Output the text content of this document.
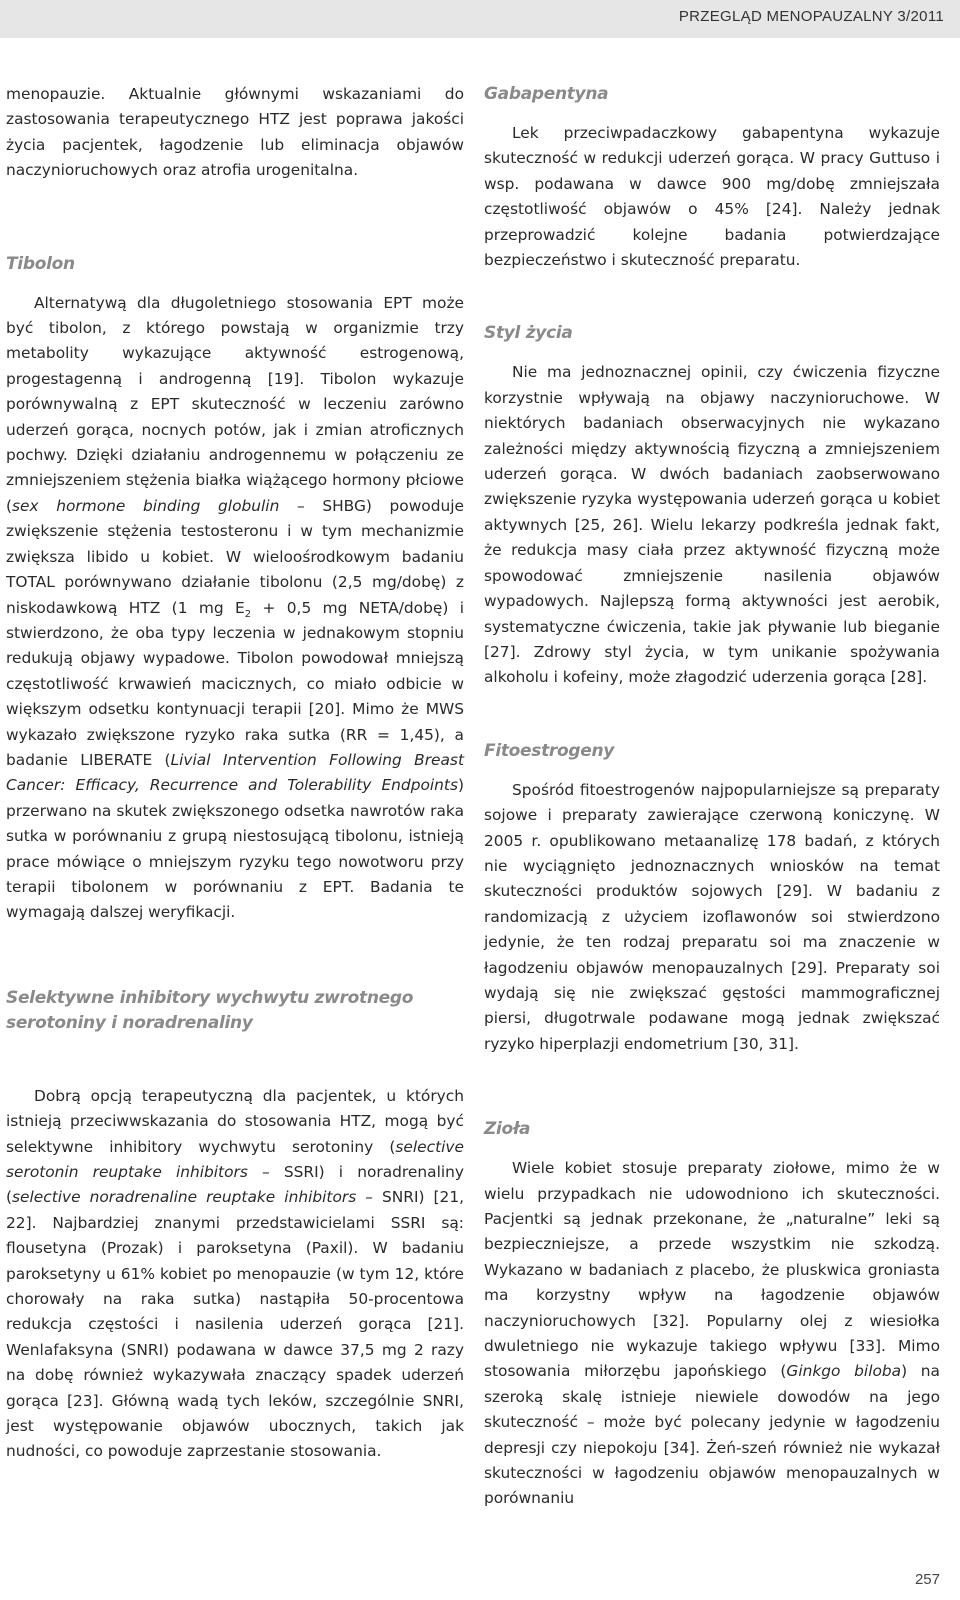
PRZEGLĄD MENOPAUZALNY 3/2011

menopauzie. Aktualnie głównymi wskazaniami do zastosowania terapeutycznego HTZ jest poprawa jakości życia pacjentek, łagodzenie lub eliminacja objawów naczynioruchowych oraz atrofia urogenitalna.

Tibolon

Alternatywą dla długoletniego stosowania EPT może być tibolon, z którego powstają w organizmie trzy metabolity wykazujące aktywność estrogenową, progestagenną i androgenną [19]. Tibolon wykazuje porównywalną z EPT skuteczność w leczeniu zarówno uderzeń gorąca, nocnych potów, jak i zmian atroficznych pochwy. Dzięki działaniu androgennemu w połączeniu ze zmniejszeniem stężenia białka wiążącego hormony płciowe (sex hormone binding globulin – SHBG) powoduje zwiększenie stężenia testosteronu i w tym mechanizmie zwiększa libido u kobiet. W wieloośrodkowym badaniu TOTAL porównywano działanie tibolonu (2,5 mg/dobę) z niskodawkową HTZ (1 mg $E_2 + 0,5$ mg NETA/dobę) i stwierdzono, że oba typy leczenia w jednakowym stopniu redukują objawy wypadowe. Tibolon powodował mniejszą częstotliwość krwawień macicznych, co miało odbicie w większym odsetku kontynuacji terapii [20]. Mimo że MWS wykazało zwiększone ryzyko raka sutka (RR = 1,45), a badanie LIBERATE (Livial Intervention Following Breast Cancer: Efficacy, Recurrence and Tolerability Endpoints) przerwano na skutek zwiększonego odsetka nawrotów raka sutka w porównaniu z grupą niestosującą tibolonu, istnieją prace mówiące o mniejszym ryzyku tego nowotworu przy terapii tibolonem w porównaniu z EPT. Badania te wymagają dalszej weryfikacji.

Selektywne inhibitory wychwytu zwrotnego serotoniny i noradrenaliny

Dobrą opcją terapeutyczną dla pacjentek, u których istnieją przeciwwskazania do stosowania HTZ, mogą być selektywne inhibitory wychwytu serotoniny (selective serotonin reuptake inhibitors – SSRI) i noradrenaliny (selective noradrenaline reuptake inhibitors – SNRI) [21, 22]. Najbardziej znanymi przedstawicielami SSRI są: flousetyna (Prozak) i paroksetyna (Paxil). W badaniu paroksetyny u 61% kobiet po menopauzie (w tym 12, które chorowały na raka sutka) nastąpiła 50-procentowa redukcja częstości i nasilenia uderzeń gorąca [21]. Wenlafaksyna (SNRI) podawana w dawce 37,5 mg 2 razy na dobę również wykazywała znaczący spadek uderzeń gorąca [23]. Główną wadą tych leków, szczególnie SNRI, jest występowanie objawów ubocznych, takich jak nudności, co powoduje zaprzestanie stosowania.

Gabapentyna

Lek przeciwpadaczkowy gabapentyna wykazuje skuteczność w redukcji uderzeń gorąca. W pracy Guttuso i wsp. podawana w dawce 900 mg/dobę zmniejszała częstotliwość objawów o 45% [24]. Należy jednak przeprowadzić kolejne badania potwierdzające bezpieczeństwo i skuteczność preparatu.

Styl życia

Nie ma jednoznacznej opinii, czy ćwiczenia fizyczne korzystnie wpływają na objawy naczynioruchowe. W niektórych badaniach obserwacyjnych nie wykazano zależności między aktywnością fizyczną a zmniejszeniem uderzeń gorąca. W dwóch badaniach zaobserwowano zwiększenie ryzyka występowania uderzeń gorąca u kobiet aktywnych [25, 26]. Wielu lekarzy podkreśla jednak fakt, że redukcja masy ciała przez aktywność fizyczną może spowodować zmniejszenie nasilenia objawów wypadowych. Najlepszą formą aktywności jest aerobik, systematyczne ćwiczenia, takie jak pływanie lub bieganie [27]. Zdrowy styl życia, w tym unikanie spożywania alkoholu i kofeiny, może złagodzić uderzenia gorąca [28].

Fitoestrogeny

Spośród fitoestrogenów najpopularniejsze są preparaty sojowe i preparaty zawierające czerwoną koniczynę. W 2005 r. opublikowano metaanalizę 178 badań, z których nie wyciągnięto jednoznacznych wniosków na temat skuteczności produktów sojowych [29]. W badaniu z randomizacją z użyciem izoflawonów soi stwierdzono jedynie, że ten rodzaj preparatu soi ma znaczenie w łagodzeniu objawów menopauzalnych [29]. Preparaty soi wydają się nie zwiększać gęstości mammograficznej piersi, długotrwale podawane mogą jednak zwiększać ryzyko hiperplazji endometrium [30, 31].

Zioła

Wiele kobiet stosuje preparaty ziołowe, mimo że w wielu przypadkach nie udowodniono ich skuteczności. Pacjentki są jednak przekonane, że „naturalne” leki są bezpieczniejsze, a przede wszystkim nie szkodzą. Wykazano w badaniach z placebo, że pluskwica groniasta ma korzystny wpływ na łagodzenie objawów naczynioruchowych [32]. Popularny olej z wiesiołka dwuletniego nie wykazuje takiego wpływu [33]. Mimo stosowania miłorzębu japońskiego (Ginkgo biloba) na szeroką skalę istnieje niewiele dowodów na jego skuteczność – może być polecany jedynie w łagodzeniu depresji czy niepokoju [34]. Żeń-szeń również nie wykazał skuteczności w łagodzeniu objawów menopauzalnych w porównaniu

257
